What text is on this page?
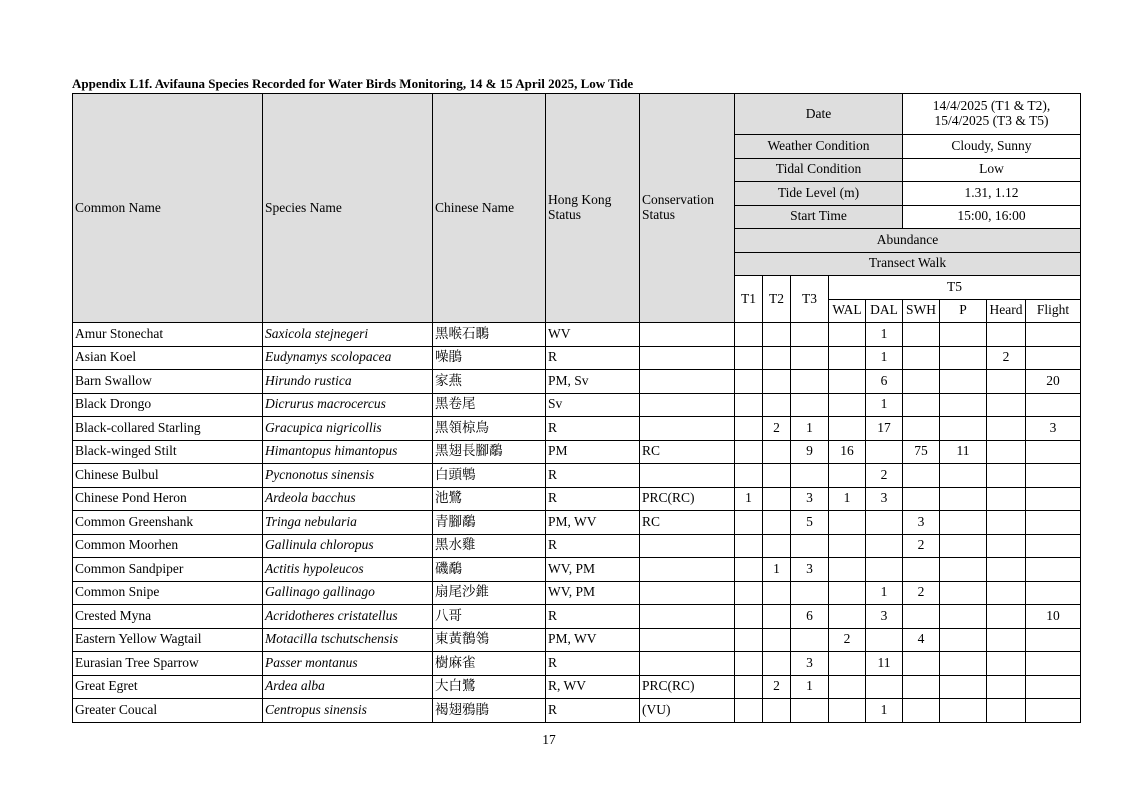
Appendix L1f. Avifauna Species Recorded for Water Birds Monitoring, 14 & 15 April 2025, Low Tide
Common Name	Species Name	Chinese Name	Hong Kong Status	Conservation Status	Date					14/4/2025 (T1 & T2), 15/4/2025 (T3 & T5)			
					Weather Condition					Cloudy, Sunny			
					Tidal Condition					Low			
					Tide Level (m)					1.31, 1.12			
					Start Time					15:00, 16:00			
					Abundance								
					Transect Walk								
					T1	T2	T3	T5					
								WAL	DAL	SWH	P	Heard	Flight
Amur Stonechat	Saxicola stejnegeri	黑喉石䳭	WV						1				
Asian Koel	Eudynamys scolopacea	噪鵑	R						1			2	
Barn Swallow	Hirundo rustica	家燕	PM, Sv						6				20
Black Drongo	Dicrurus macrocercus	黑卷尾	Sv						1				
Black-collared Starling	Gracupica nigricollis	黑領椋鳥	R			2	1		17				3
Black-winged Stilt	Himantopus himantopus	黑翅長腳鷸	PM	RC			9	16		75	11		
Chinese Bulbul	Pycnonotus sinensis	白頭鵯	R						2				
Chinese Pond Heron	Ardeola bacchus	池鷺	R	PRC(RC)	1		3	1	3				
Common Greenshank	Tringa nebularia	青腳鷸	PM, WV	RC			5			3			
Common Moorhen	Gallinula chloropus	黑水雞	R							2			
Common Sandpiper	Actitis hypoleucos	磯鷸	WV, PM			1	3						
Common Snipe	Gallinago gallinago	扇尾沙錐	WV, PM						1	2			
Crested Myna	Acridotheres cristatellus	八哥	R				6		3				10
Eastern Yellow Wagtail	Motacilla tschutschensis	東黃鶺鴒	PM, WV					2		4			
Eurasian Tree Sparrow	Passer montanus	樹麻雀	R				3		11				
Great Egret	Ardea alba	大白鷺	R, WV	PRC(RC)		2	1						
Greater Coucal	Centropus sinensis	褐翅鴉鵑	R	(VU)					1				
17
